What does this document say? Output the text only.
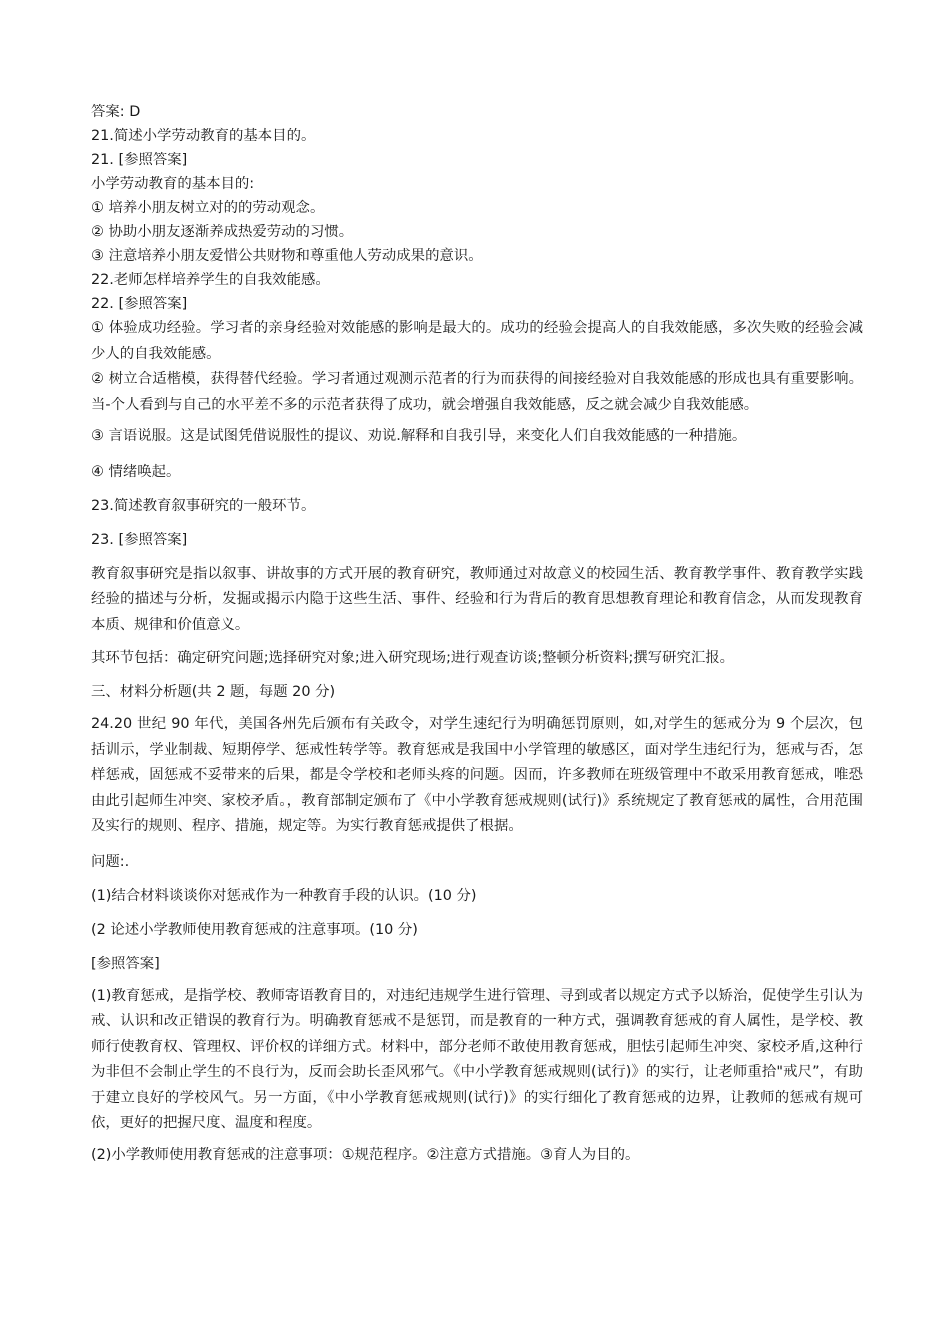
答案: D

21.简述小学劳动教育的基本目的。

21. [参照答案]

小学劳动教育的基本目的:

① 培养小朋友树立对的的劳动观念。

② 协助小朋友逐渐养成热爱劳动的习惯。

③ 注意培养小朋友爱惜公共财物和尊重他人劳动成果的意识。

22.老师怎样培养学生的自我效能感。

22. [参照答案]

① 体验成功经验。学习者的亲身经验对效能感的影响是最大的。成功的经验会提高人的自我效能感，多次失败的经验会减少人的自我效能感。

② 树立合适楷模，获得替代经验。学习者通过观测示范者的行为而获得的间接经验对自我效能感的形成也具有重要影响。当-个人看到与自己的水平差不多的示范者获得了成功，就会增强自我效能感，反之就会减少自我效能感。

③ 言语说服。这是试图凭借说服性的提议、劝说.解释和自我引导，来变化人们自我效能感的一种措施。

④ 情绪唤起。

23.简述教育叙事研究的一般环节。

23. [参照答案]

教育叙事研究是指以叙事、讲故事的方式开展的教育研究，教师通过对故意义的校园生活、教育教学事件、教育教学实践经验的描述与分析，发掘或揭示内隐于这些生活、事件、经验和行为背后的教育思想教育理论和教育信念，从而发现教育本质、规律和价值意义。

其环节包括：确定研究问题;选择研究对象;进入研究现场;进行观查访谈;整顿分析资料;撰写研究汇报。

三、材料分析题(共 2 题，每题 20 分)

24.20 世纪 90 年代，美国各州先后颁布有关政令，对学生速纪行为明确惩罚原则，如,对学生的惩戒分为 9 个层次，包括训示，学业制裁、短期停学、惩戒性转学等。教育惩戒是我国中小学管理的敏感区，面对学生违纪行为，惩戒与否，怎样惩戒，固惩戒不妥带来的后果，都是令学校和老师头疼的问题。因而，许多教师在班级管理中不敢采用教育惩戒，唯恐由此引起师生冲突、家校矛盾。，教育部制定颁布了《中小学教育惩戒规则(试行)》系统规定了教育惩戒的属性，合用范围及实行的规则、程序、措施，规定等。为实行教育惩戒提供了根据。

问题:.

(1)结合材料谈谈你对惩戒作为一种教育手段的认识。(10 分)

(2 论述小学教师使用教育惩戒的注意事项。(10 分)

[参照答案]

(1)教育惩戒，是指学校、教师寄语教育目的，对违纪违规学生进行管理、寻到或者以规定方式予以矫治，促使学生引认为戒、认识和改正错误的教育行为。明确教育惩戒不是惩罚，而是教育的一种方式，强调教育惩戒的育人属性，是学校、教师行使教育权、管理权、评价权的详细方式。材料中，部分老师不敢使用教育惩戒，胆怯引起师生冲突、家校矛盾,这种行为非但不会制止学生的不良行为，反而会助长歪风邪气。《中小学教育惩戒规则(试行)》的实行，让老师重拾"戒尺”，有助于建立良好的学校风气。另一方面，《中小学教育惩戒规则(试行)》的实行细化了教育惩戒的边界，让教师的惩戒有规可依，更好的把握尺度、温度和程度。

(2)小学教师使用教育惩戒的注意事项：①规范程序。②注意方式措施。③育人为目的。
